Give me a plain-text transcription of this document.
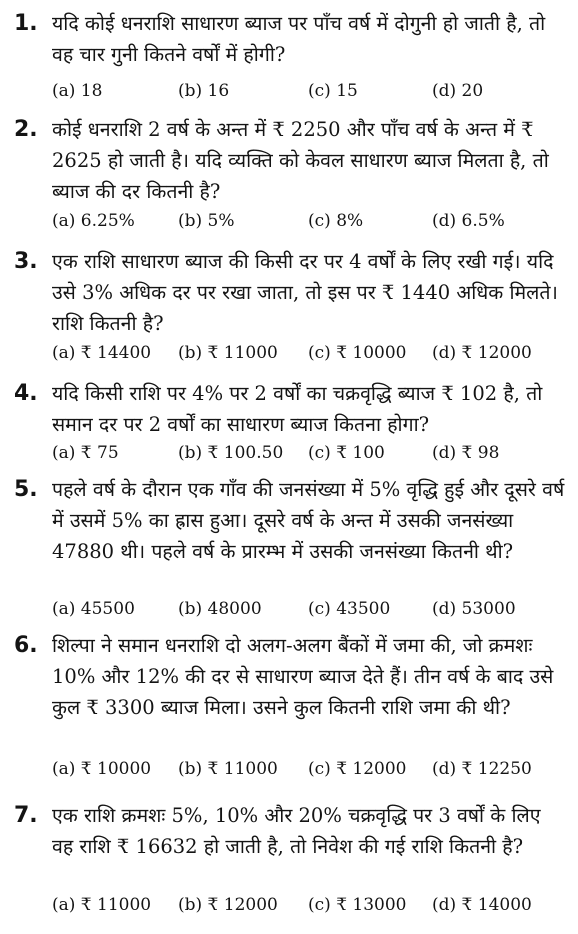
1. यदि कोई धनराशि साधारण ब्याज पर पाँच वर्ष में दोगुनी हो जाती है, तो वह चार गुनी कितने वर्षों में होगी?

(a) 18	(b) 16	(c) 15	(d) 20
2. कोई धनराशि 2 वर्ष के अन्त में ₹ 2250 और पाँच वर्ष के अन्त में ₹ 2625 हो जाती है। यदि व्यक्ति को केवल साधारण ब्याज मिलता है, तो ब्याज की दर कितनी है?

(a) 6.25%	(b) 5%	(c) 8%	(d) 6.5%
3. एक राशि साधारण ब्याज की किसी दर पर 4 वर्षों के लिए रखी गई। यदि उसे 3% अधिक दर पर रखा जाता, तो इस पर ₹ 1440 अधिक मिलते। राशि कितनी है?

(a) ₹ 14400 (b) ₹ 11000 (c) ₹ 10000 (d) ₹ 12000
4. यदि किसी राशि पर 4% पर 2 वर्षों का चक्रवृद्धि ब्याज ₹ 102 है, तो समान दर पर 2 वर्षों का साधारण ब्याज कितना होगा?

(a) ₹ 75	(b) ₹ 100.50 (c) ₹ 100	(d) ₹ 98
5. पहले वर्ष के दौरान एक गाँव की जनसंख्या में 5% वृद्धि हुई और दूसरे वर्ष में उसमें 5% का ह्रास हुआ। दूसरे वर्ष के अन्त में उसकी जनसंख्या 47880 थी। पहले वर्ष के प्रारम्भ में उसकी जनसंख्या कितनी थी?

(a) 45500	(b) 48000	(c) 43500 (d) 53000
6. शिल्पा ने समान धनराशि दो अलग-अलग बैंकों में जमा की, जो क्रमशः 10% और 12% की दर से साधारण ब्याज देते हैं। तीन वर्ष के बाद उसे कुल ₹ 3300 ब्याज मिला। उसने कुल कितनी राशि जमा की थी?

(a) ₹ 10000 (b) ₹ 11000 (c) ₹ 12000 (d) ₹ 12250
7. एक राशि क्रमशः 5%, 10% और 20% चक्रवृद्धि पर 3 वर्षों के लिए वह राशि ₹ 16632 हो जाती है, तो निवेश की गई राशि कितनी है?

(a) ₹ 11000 (b) ₹ 12000 (c) ₹ 13000 (d) ₹ 14000
